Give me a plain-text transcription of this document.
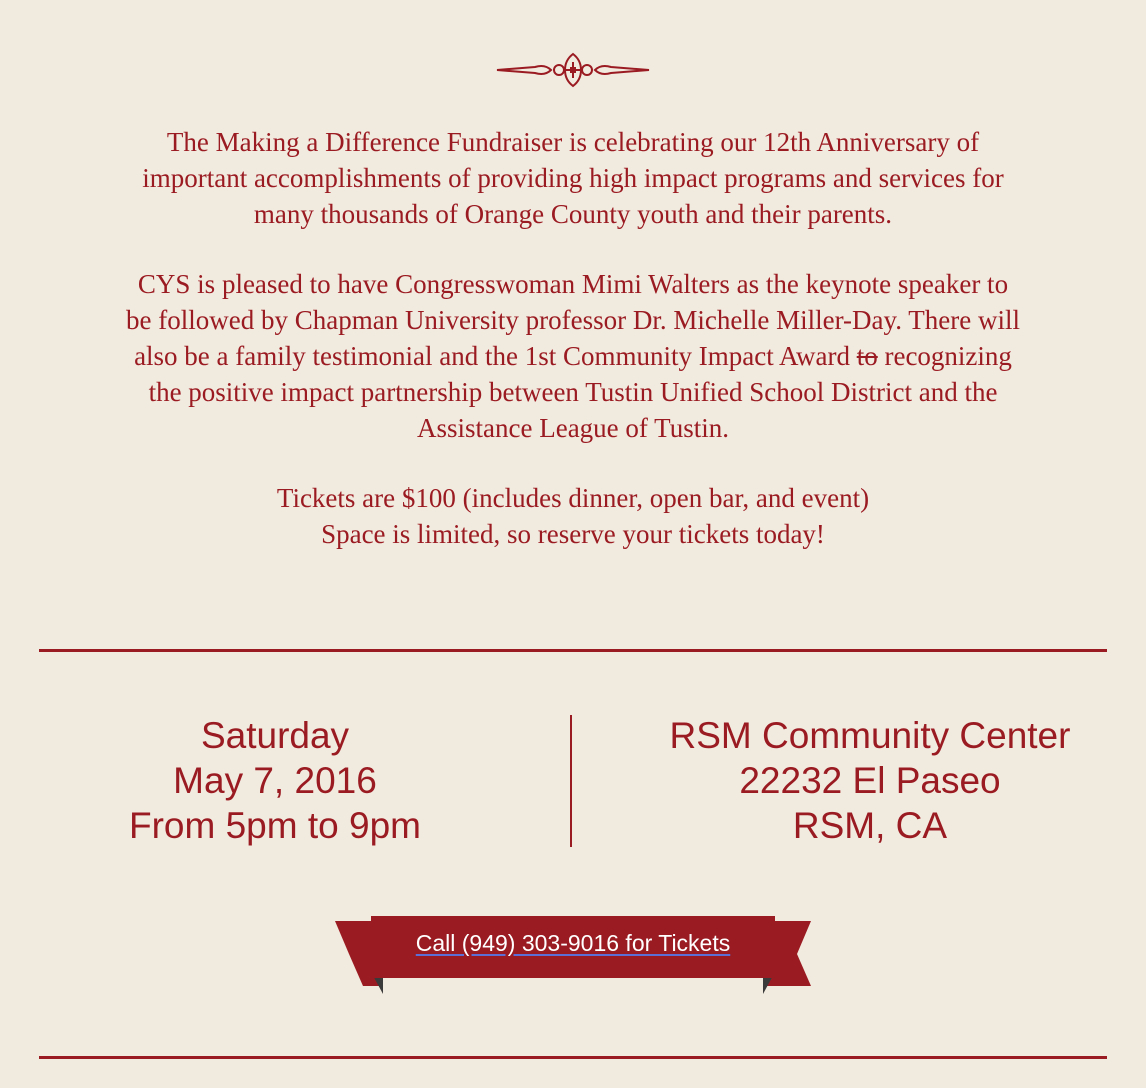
The Making a Difference Fundraiser is celebrating our 12th Anniversary of
important accomplishments of providing high impact programs and services for
many thousands of Orange County youth and their parents.
CYS is pleased to have Congresswoman Mimi Walters as the keynote speaker to
be followed by Chapman University professor Dr. Michelle Miller-Day. There will
also be a family testimonial and the 1st Community Impact Award to recognizing
the positive impact partnership between Tustin Unified School District and the
Assistance League of Tustin.
Tickets are $100 (includes dinner, open bar, and event)
Space is limited, so reserve your tickets today!
Saturday
May 7, 2016
From 5pm to 9pm
RSM Community Center
22232 El Paseo
RSM, CA
Call (949) 303-9016 for Tickets
